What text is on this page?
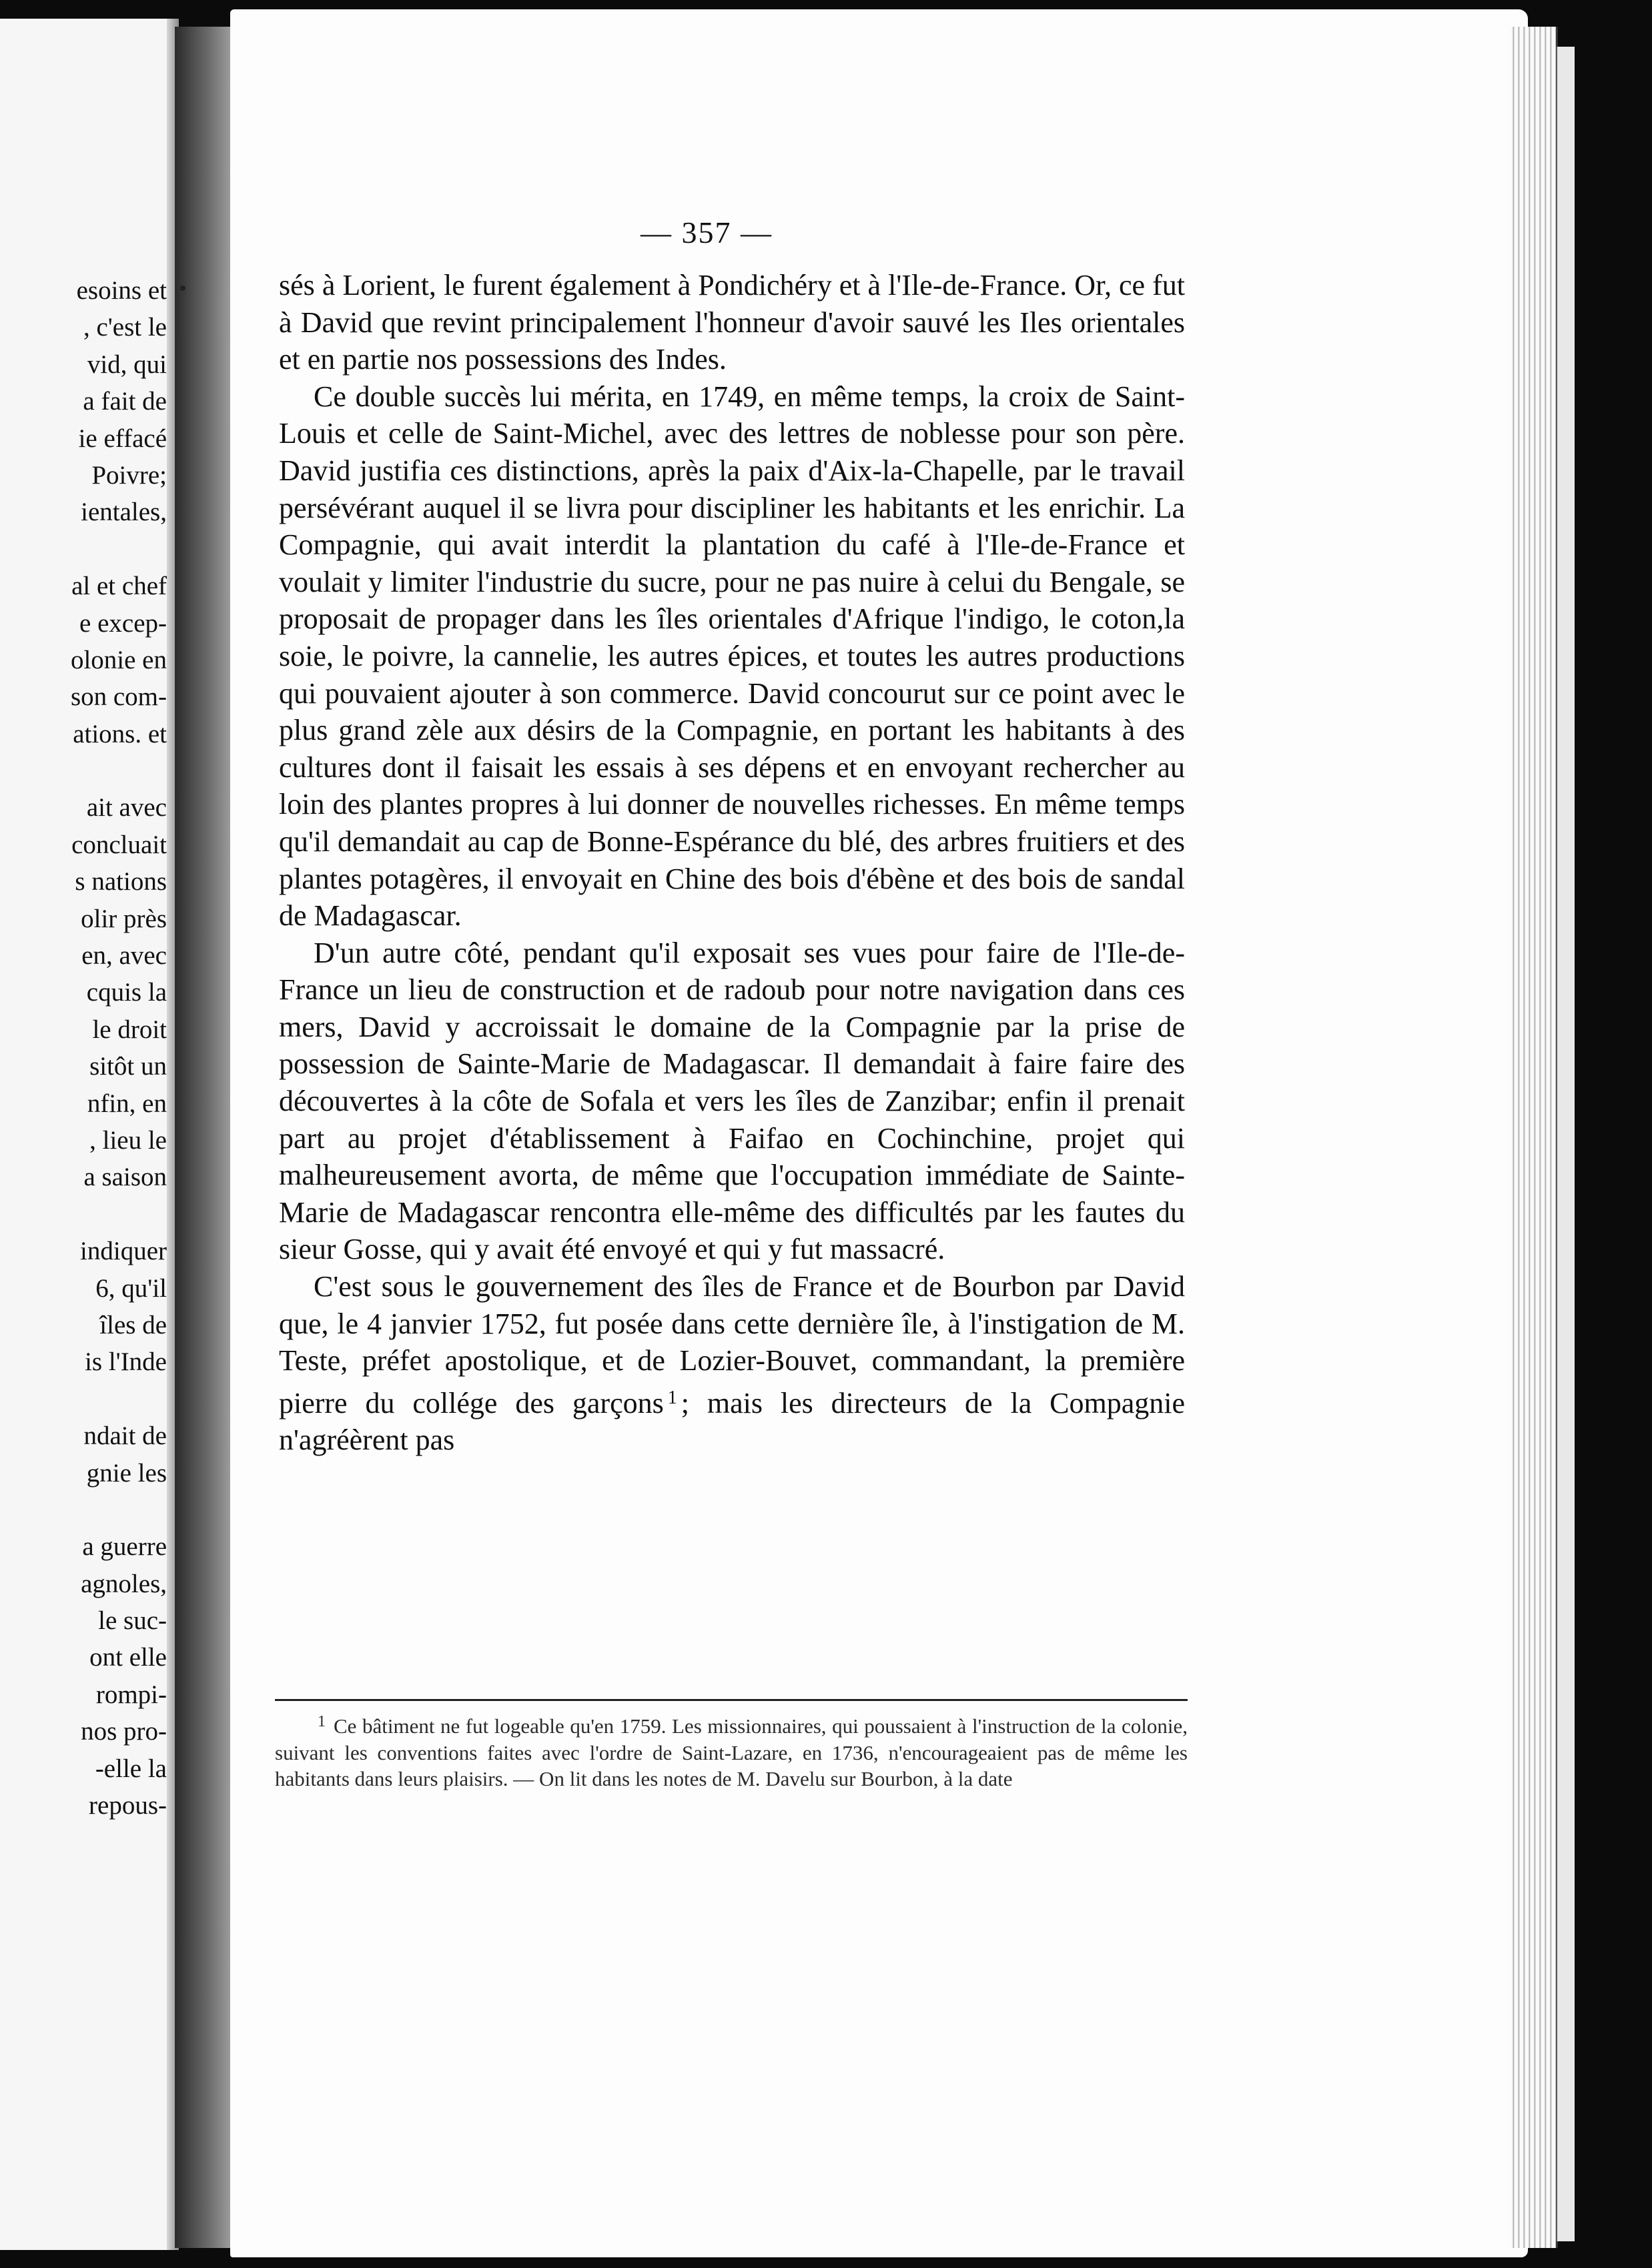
esoins et
, c'est le
vid, qui
a fait de
ie effacé
Poivre;
ientales,
al et chef
e excep-
olonie en
son com-
ations. et
ait avec
concluait
s nations
olir près
en, avec
cquis la
le droit
sitôt un
nfin, en
, lieu le
a saison
indiquer
6, qu'il
îles de
is l'Inde
ndait de
gnie les
a guerre
agnoles,
le suc-
ont elle
rompi-
nos pro-
-elle la
repous-
— 357 —

sés à Lorient, le furent également à Pondichéry et à l'Ile-de-France. Or, ce fut à David que revint principalement l'honneur d'avoir sauvé les Iles orientales et en partie nos possessions des Indes.

Ce double succès lui mérita, en 1749, en même temps, la croix de Saint-Louis et celle de Saint-Michel, avec des lettres de noblesse pour son père. David justifia ces distinctions, après la paix d'Aix-la-Chapelle, par le travail persévérant auquel il se livra pour discipliner les habitants et les enrichir. La Compagnie, qui avait interdit la plantation du café à l'Ile-de-France et voulait y limiter l'industrie du sucre, pour ne pas nuire à celui du Bengale, se proposait de propager dans les îles orientales d'Afrique l'indigo, le coton,la soie, le poivre, la cannelie, les autres épices, et toutes les autres productions qui pouvaient ajouter à son commerce. David concourut sur ce point avec le plus grand zèle aux désirs de la Compagnie, en portant les habitants à des cultures dont il faisait les essais à ses dépens et en envoyant rechercher au loin des plantes propres à lui donner de nouvelles richesses. En même temps qu'il demandait au cap de Bonne-Espérance du blé, des arbres fruitiers et des plantes potagères, il envoyait en Chine des bois d'ébène et des bois de sandal de Madagascar.

D'un autre côté, pendant qu'il exposait ses vues pour faire de l'Ile-de-France un lieu de construction et de radoub pour notre navigation dans ces mers, David y accroissait le domaine de la Compagnie par la prise de possession de Sainte-Marie de Madagascar. Il demandait à faire faire des découvertes à la côte de Sofala et vers les îles de Zanzibar; enfin il prenait part au projet d'établissement à Faifao en Cochinchine, projet qui malheureusement avorta, de même que l'occupation immédiate de Sainte-Marie de Madagascar rencontra elle-même des difficultés par les fautes du sieur Gosse, qui y avait été envoyé et qui y fut massacré.

C'est sous le gouvernement des îles de France et de Bourbon par David que, le 4 janvier 1752, fut posée dans cette dernière île, à l'instigation de M. Teste, préfet apostolique, et de Lozier-Bouvet, commandant, la première pierre du collége des garçons $^1$ ; mais les directeurs de la Compagnie n'agréèrent pas

$^1$ Ce bâtiment ne fut logeable qu'en 1759. Les missionnaires, qui poussaient à l'instruction de la colonie, suivant les conventions faites avec l'ordre de Saint-Lazare, en 1736, n'encourageaient pas de même les habitants dans leurs plaisirs. — On lit dans les notes de M. Davelu sur Bourbon, à la date
